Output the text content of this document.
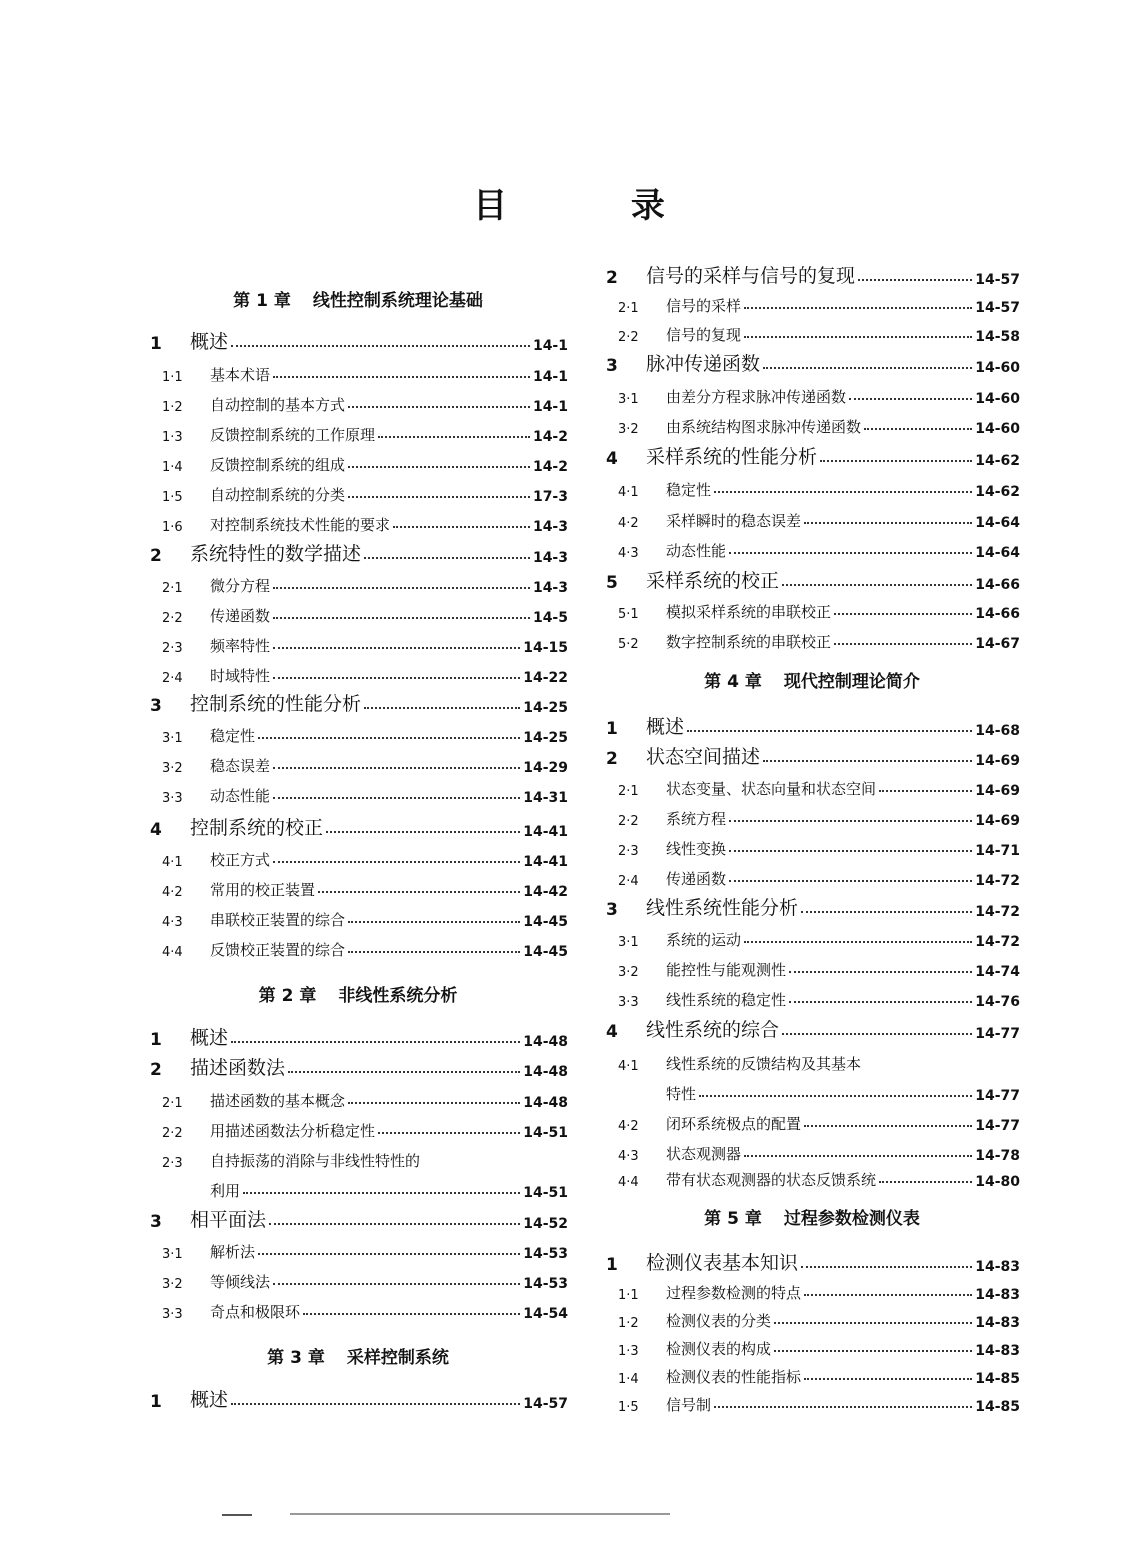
目 录
第 1 章 线性控制系统理论基础
1	概述	14-1
1·1	基本术语	14-1
1·2	自动控制的基本方式	14-1
1·3	反馈控制系统的工作原理	14-2
1·4	反馈控制系统的组成	14-2
1·5	自动控制系统的分类	17-3
1·6	对控制系统技术性能的要求	14-3
2	系统特性的数学描述	14-3
2·1	微分方程	14-3
2·2	传递函数	14-5
2·3	频率特性	14-15
2·4	时域特性	14-22
3	控制系统的性能分析	14-25
3·1	稳定性	14-25
3·2	稳态误差	14-29
3·3	动态性能	14-31
4	控制系统的校正	14-41
4·1	校正方式	14-41
4·2	常用的校正装置	14-42
4·3	串联校正装置的综合	14-45
4·4	反馈校正装置的综合	14-45
第 2 章 非线性系统分析
1	概述	14-48
2	描述函数法	14-48
2·1	描述函数的基本概念	14-48
2·2	用描述函数法分析稳定性	14-51
2·3	自持振荡的消除与非线性特性的
利用	14-51
3	相平面法	14-52
3·1	解析法	14-53
3·2	等倾线法	14-53
3·3	奇点和极限环	14-54
第 3 章 采样控制系统
1	概述	14-57
2	信号的采样与信号的复现	14-57
2·1	信号的采样	14-57
2·2	信号的复现	14-58
3	脉冲传递函数	14-60
3·1	由差分方程求脉冲传递函数	14-60
3·2	由系统结构图求脉冲传递函数	14-60
4	采样系统的性能分析	14-62
4·1	稳定性	14-62
4·2	采样瞬时的稳态误差	14-64
4·3	动态性能	14-64
5	采样系统的校正	14-66
5·1	模拟采样系统的串联校正	14-66
5·2	数字控制系统的串联校正	14-67
第 4 章 现代控制理论简介
1	概述	14-68
2	状态空间描述	14-69
2·1	状态变量、状态向量和状态空间	14-69
2·2	系统方程	14-69
2·3	线性变换	14-71
2·4	传递函数	14-72
3	线性系统性能分析	14-72
3·1	系统的运动	14-72
3·2	能控性与能观测性	14-74
3·3	线性系统的稳定性	14-76
4	线性系统的综合	14-77
4·1	线性系统的反馈结构及其基本
特性	14-77
4·2	闭环系统极点的配置	14-77
4·3	状态观测器	14-78
4·4	带有状态观测器的状态反馈系统	14-80
第 5 章 过程参数检测仪表
1	检测仪表基本知识	14-83
1·1	过程参数检测的特点	14-83
1·2	检测仪表的分类	14-83
1·3	检测仪表的构成	14-83
1·4	检测仪表的性能指标	14-85
1·5	信号制	14-85
